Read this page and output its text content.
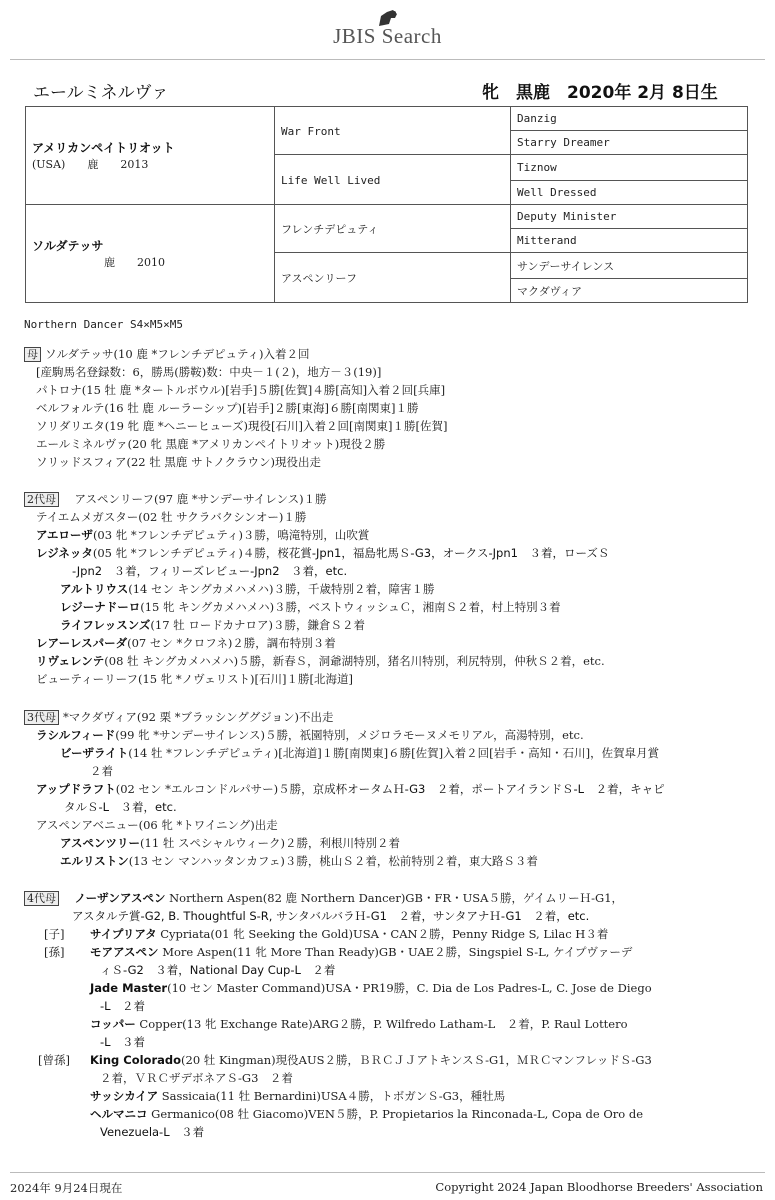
JBIS Search
エールミネルヴァ	牝　黒鹿　2020年 2月 8日生
アメリカンペイトリオット
(USA)　　鹿　　2013	War Front	Danzig
		Starry Dreamer
	Life Well Lived	Tiznow
		Well Dressed

ソルダテッサ
鹿　　2010	フレンチデピュティ	Deputy Minister
		Mitterand
	アスペンリーフ	サンデーサイレンス
		マクダヴィア
Northern Dancer S4×M5×M5
母 ソルダテッサ(10 鹿 *フレンチデピュティ)入着２回
[産駒馬名登録数：6，勝馬(勝鞍)数：中央－１(２)，地方－３(19)]
パトロナ(15 牡 鹿 *タートルボウル)[岩手]５勝[佐賀]４勝[高知]入着２回[兵庫]
ベルフォルテ(16 牡 鹿 ルーラーシップ)[岩手]２勝[東海]６勝[南関東]１勝
ソリダリエタ(19 牝 鹿 *ヘニーヒューズ)現役[石川]入着２回[南関東]１勝[佐賀]
エールミネルヴァ(20 牝 黒鹿 *アメリカンペイトリオット)現役２勝
ソリッドスフィア(22 牡 黒鹿 サトノクラウン)現役出走
2代母　 アスペンリーフ(97 鹿 *サンデーサイレンス)１勝
テイエムメガスター(02 牡 サクラバクシンオー)１勝
アエローザ(03 牝 *フレンチデピュティ)３勝，鳴滝特別，山吹賞
レジネッタ(05 牝 *フレンチデピュティ)４勝，桜花賞-Jpn1，福島牝馬Ｓ-G3，オークス-Jpn1　３着，ローズＳ
-Jpn2　３着，フィリーズレビュー-Jpn2　３着，etc.
アルトリウス(14 セン キングカメハメハ)３勝，千歳特別２着，障害１勝
レジーナドーロ(15 牝 キングカメハメハ)３勝，ベストウィッシュＣ，湘南Ｓ２着，村上特別３着
ライフレッスンズ(17 牡 ロードカナロア)３勝，鎌倉Ｓ２着
レアーレスパーダ(07 セン *クロフネ)２勝，調布特別３着
リヴェレンテ(08 牡 キングカメハメハ)５勝，新春Ｓ，洞爺湖特別，猪名川特別，利尻特別，仲秋Ｓ２着，etc.
ビューティーリーフ(15 牝 *ノヴェリスト)[石川]１勝[北海道]
3代母 *マクダヴィア(92 栗 *ブラッシンググジョン)不出走
ラシルフィード(99 牝 *サンデーサイレンス)５勝，祇園特別，メジロラモーヌメモリアル，高湯特別，etc.
ビーザライト(14 牡 *フレンチデピュティ)[北海道]１勝[南関東]６勝[佐賀]入着２回[岩手・高知・石川]，佐賀皐月賞
２着
アップドラフト(02 セン *エルコンドルパサー)５勝，京成杯オータムＨ-G3　２着，ポートアイランドＳ-L　２着，キャピ
タルＳ-L　３着，etc.
アスペンアベニュー(06 牝 *トワイニング)出走
アスペンツリー(11 牡 スペシャルウィーク)２勝，利根川特別２着
エルリストン(13 セン マンハッタンカフェ)３勝，桃山Ｓ２着，松前特別２着，東大路Ｓ３着
4代母　 ノーザンアスペン Northern Aspen(82 鹿 Northern Dancer)GB・FR・USA５勝，ゲイムリーＨ-G1，
アスタルテ賞-G2, B. Thoughtful S-R, サンタバルバラＨ-G1　２着，サンタアナＨ-G1　２着，etc.
[子] サイプリアタ Cypriata(01 牝 Seeking the Gold)USA・CAN２勝，Penny Ridge S, Lilac H３着
[孫] モアアスペン More Aspen(11 牝 More Than Ready)GB・UAE２勝，Singspiel S-L, ケイプヴァーデ
ィＳ-G2　３着，National Day Cup-L　２着
Jade Master(10 セン Master Command)USA・PR19勝，C. Dia de Los Padres-L, C. Jose de Diego
-L　２着
コッパー Copper(13 牝 Exchange Rate)ARG２勝，P. Wilfredo Latham-L　２着，P. Raul Lottero
-L　３着
[曾孫] King Colorado(20 牡 Kingman)現役AUS２勝，ＢＲＣＪＪアトキンスＳ-G1，ＭＲＣマンフレッドＳ-G3
２着，ＶＲＣザデボネアＳ-G3　２着
サッシカイア Sassicaia(11 牡 Bernardini)USA４勝，トボガンＳ-G3，種牡馬
ヘルマニコ Germanico(08 牡 Giacomo)VEN５勝，P. Propietarios la Rinconada-L, Copa de Oro de
Venezuela-L　３着
2024年 9月24日現在	Copyright 2024 Japan Bloodhorse Breeders' Association
